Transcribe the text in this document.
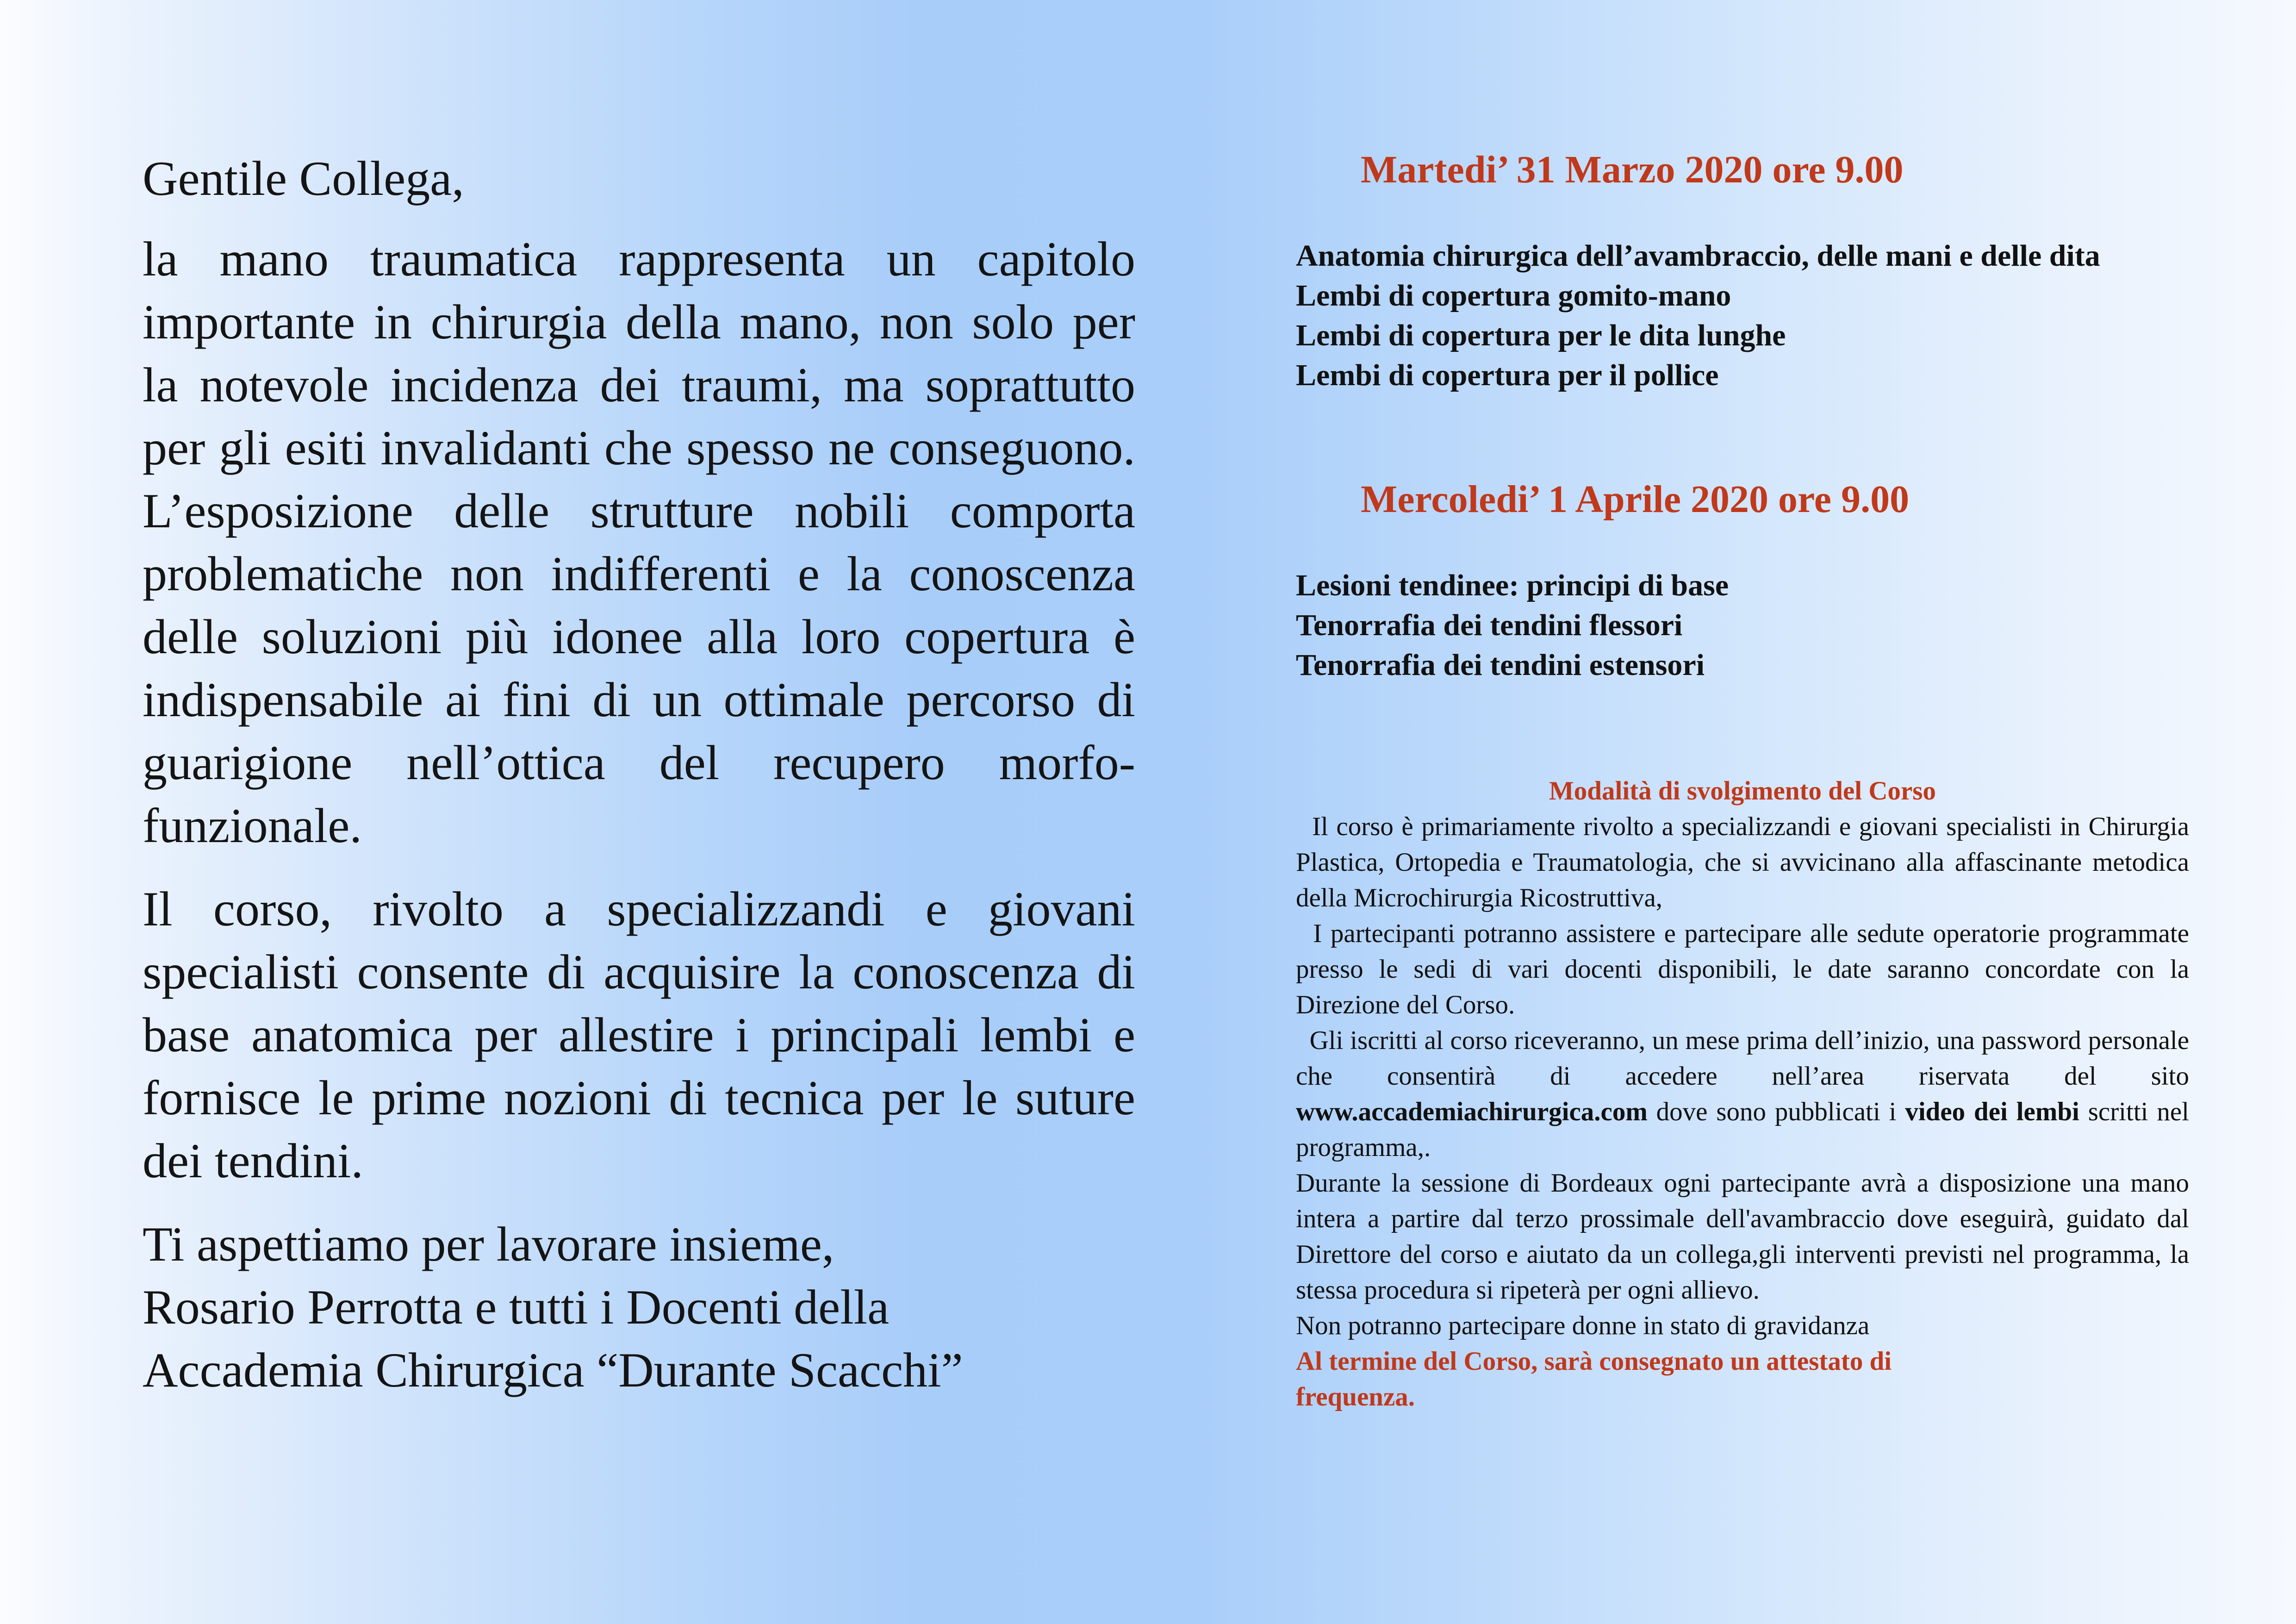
Gentile Collega,
la mano traumatica rappresenta un capitolo importante in chirurgia della mano, non solo per la notevole incidenza dei traumi, ma soprattutto per gli esiti invalidanti che spesso ne conseguono. L’esposizione delle strutture nobili comporta problematiche non indifferenti e la conoscenza delle soluzioni più idonee alla loro copertura è indispensabile ai fini di un ottimale percorso di guarigione nell’ottica del recupero morfo-funzionale.
Il corso, rivolto a specializzandi e giovani specialisti consente di acquisire la conoscenza di base anatomica per allestire i principali lembi e fornisce le prime nozioni di tecnica per le suture dei tendini.
Ti aspettiamo per lavorare insieme,
Rosario Perrotta e tutti i Docenti della
Accademia Chirurgica “Durante Scacchi”
Martedi’ 31 Marzo 2020 ore 9.00
Anatomia chirurgica dell’avambraccio, delle mani e delle dita
Lembi di copertura gomito-mano
Lembi di copertura per le dita lunghe
Lembi di copertura per il pollice
Mercoledi’ 1 Aprile 2020 ore 9.00
Lesioni tendinee: principi di base
Tenorrafia dei tendini flessori
Tenorrafia dei tendini estensori
Modalità di svolgimento del Corso

Il corso è primariamente rivolto a specializzandi e giovani specialisti in Chirurgia Plastica, Ortopedia e Traumatologia, che si avvicinano alla affascinante metodica della Microchirurgia Ricostruttiva,

I partecipanti potranno assistere e partecipare alle sedute operatorie programmate presso le sedi di vari docenti disponibili, le date saranno concordate con la Direzione del Corso.

Gli iscritti al corso riceveranno, un mese prima dell’inizio, una password personale che consentirà di accedere nell’area riservata del sito www.accademiachirurgica.com dove sono pubblicati i video dei lembi scritti nel programma,.

Durante la sessione di Bordeaux ogni partecipante avrà a disposizione una mano intera a partire dal terzo prossimale dell'avambraccio dove eseguirà, guidato dal Direttore del corso e aiutato da un collega,gli interventi previsti nel programma, la stessa procedura si ripeterà per ogni allievo.

Non potranno partecipare donne in stato di gravidanza

Al termine del Corso, sarà consegnato un attestato di frequenza.
